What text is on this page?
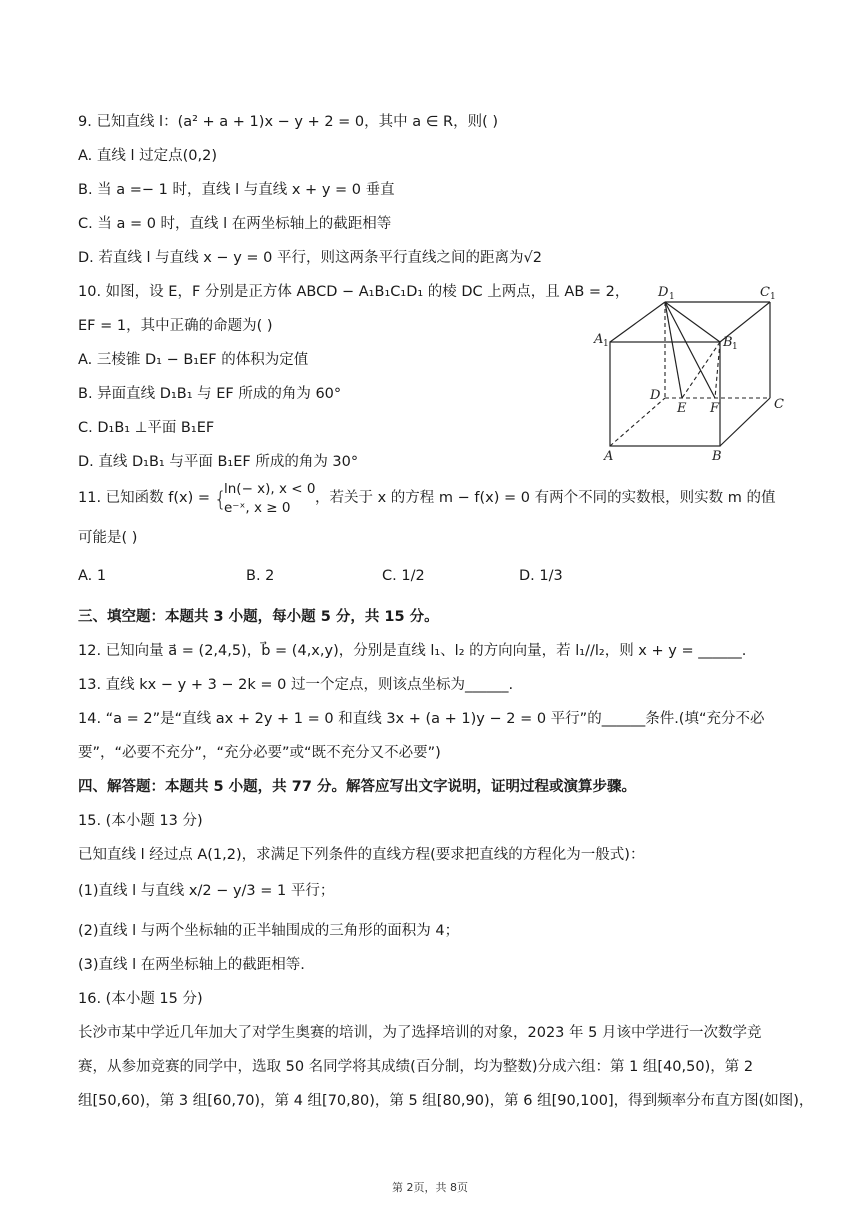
9. 已知直线 l：(a² + a + 1)x − y + 2 = 0，其中 a ∈ R，则( )
A. 直线 l 过定点(0,2)
B. 当 a =− 1 时，直线 l 与直线 x + y = 0 垂直
C. 当 a = 0 时，直线 l 在两坐标轴上的截距相等
D. 若直线 l 与直线 x − y = 0 平行，则这两条平行直线之间的距离为√2
10. 如图，设 E，F 分别是正方体 ABCD − A₁B₁C₁D₁ 的棱 DC 上两点，且 AB = 2，
EF = 1，其中正确的命题为( )
A. 三棱锥 D₁ − B₁EF 的体积为定值
B. 异面直线 D₁B₁ 与 EF 所成的角为 60°
C. D₁B₁ ⊥平面 B₁EF
D. 直线 D₁B₁ 与平面 B₁EF 所成的角为 30°
D 1	C 1
A 1	B 1
D
E F	C
A	B
11. 已知函数 f(x) = {
ln(− x), x < 0
e⁻ˣ, x ≥ 0
，若关于 x 的方程 m − f(x) = 0 有两个不同的实数根，则实数 m 的值
可能是( )
A. 1	B. 2	C. 1/2	D. 1/3
三、填空题：本题共 3 小题，每小题 5 分，共 15 分。
12. 已知向量 a⃗ = (2,4,5)，b⃗ = (4,x,y)，分别是直线 l₁、l₂ 的方向向量，若 l₁//l₂，则 x + y = ______.
13. 直线 kx − y + 3 − 2k = 0 过一个定点，则该点坐标为______.
14. “a = 2”是“直线 ax + 2y + 1 = 0 和直线 3x + (a + 1)y − 2 = 0 平行”的______条件.(填“充分不必
要”，“必要不充分”，“充分必要”或“既不充分又不必要”)
四、解答题：本题共 5 小题，共 77 分。解答应写出文字说明，证明过程或演算步骤。
15. (本小题 13 分)
已知直线 l 经过点 A(1,2)，求满足下列条件的直线方程(要求把直线的方程化为一般式)：
(1)直线 l 与直线 x/2 − y/3 = 1 平行；
(2)直线 l 与两个坐标轴的正半轴围成的三角形的面积为 4；
(3)直线 l 在两坐标轴上的截距相等.
16. (本小题 15 分)
长沙市某中学近几年加大了对学生奥赛的培训，为了选择培训的对象，2023 年 5 月该中学进行一次数学竞
赛，从参加竞赛的同学中，选取 50 名同学将其成绩(百分制，均为整数)分成六组：第 1 组[40,50)，第 2
组[50,60)，第 3 组[60,70)，第 4 组[70,80)，第 5 组[80,90)，第 6 组[90,100]，得到频率分布直方图(如图)，
第 2页，共 8页
